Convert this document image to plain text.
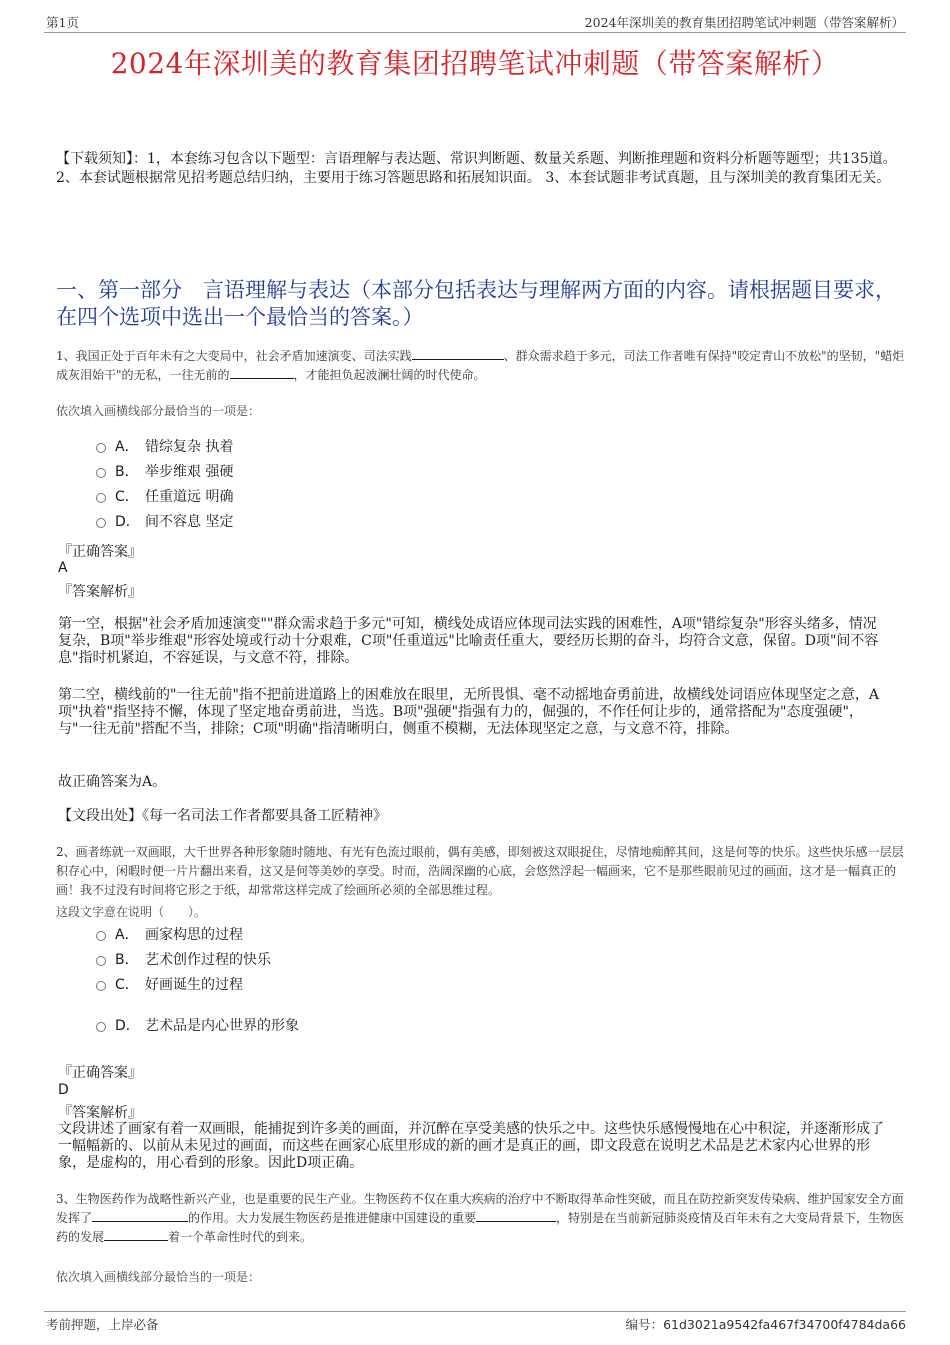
第1页	2024年深圳美的教育集团招聘笔试冲刺题（带答案解析）
2024年深圳美的教育集团招聘笔试冲刺题（带答案解析）
【下载须知】：1，本套练习包含以下题型：言语理解与表达题、常识判断题、数量关系题、判断推理题和资料分析题等题型；共135道。 2、本套试题根据常见招考题总结归纳，主要用于练习答题思路和拓展知识面。 3、本套试题非考试真题，且与深圳美的教育集团无关。
一、第一部分　言语理解与表达（本部分包括表达与理解两方面的内容。请根据题目要求，在四个选项中选出一个最恰当的答案。）
1、我国正处于百年未有之大变局中，社会矛盾加速演变、司法实践	、群众需求趋于多元，司法工作者唯有保持"咬定青山不放松"的坚韧，"蜡炬成灰泪始干"的无私，一往无前的	，才能担负起波澜壮阔的时代使命。
依次填入画横线部分最恰当的一项是：
A． 错综复杂 执着
B． 举步维艰 强硬
C． 任重道远 明确
D． 间不容息 坚定
『正确答案』
A
『答案解析』
第一空，根据"社会矛盾加速演变""群众需求趋于多元"可知，横线处成语应体现司法实践的困难性，A项"错综复杂"形容头绪多，情况复杂，B项"举步维艰"形容处境或行动十分艰难，C项"任重道远"比喻责任重大，要经历长期的奋斗，均符合文意，保留。D项"间不容息"指时机紧迫，不容延误，与文意不符，排除。
第二空，横线前的"一往无前"指不把前进道路上的困难放在眼里，无所畏惧、毫不动摇地奋勇前进，故横线处词语应体现坚定之意，A项"执着"指坚持不懈，体现了坚定地奋勇前进，当选。B项"强硬"指强有力的，倔强的，不作任何让步的，通常搭配为"态度强硬"，与"一往无前"搭配不当，排除；C项"明确"指清晰明白，侧重不模糊，无法体现坚定之意，与文意不符，排除。
故正确答案为A。
【文段出处】《每一名司法工作者都要具备工匠精神》
2、画者练就一双画眼，大千世界各种形象随时随地、有光有色流过眼前，偶有美感，即刻被这双眼捉住，尽情地痴醉其间，这是何等的快乐。这些快乐感一层层积存心中，闲暇时便一片片翻出来看，这又是何等美妙的享受。时而，浩阔深幽的心底，会悠然浮起一幅画来，它不是那些眼前见过的画面，这才是一幅真正的画！我不过没有时间将它形之于纸，却常常这样完成了绘画所必须的全部思维过程。
这段文字意在说明（　　）。
A． 画家构思的过程
B． 艺术创作过程的快乐
C． 好画诞生的过程
D． 艺术品是内心世界的形象
『正确答案』
D
『答案解析』
文段讲述了画家有着一双画眼，能捕捉到许多美的画面，并沉醉在享受美感的快乐之中。这些快乐感慢慢地在心中积淀，并逐渐形成了一幅幅新的、以前从未见过的画面，而这些在画家心底里形成的新的画才是真正的画，即文段意在说明艺术品是艺术家内心世界的形象，是虚构的，用心看到的形象。因此D项正确。
3、生物医药作为战略性新兴产业，也是重要的民生产业。生物医药不仅在重大疾病的治疗中不断取得革命性突破，而且在防控新突发传染病、维护国家安全方面发挥了	的作用。大力发展生物医药是推进健康中国建设的重要	，特别是在当前新冠肺炎疫情及百年未有之大变局背景下，生物医药的发展	着一个革命性时代的到来。
依次填入画横线部分最恰当的一项是：
考前押题，上岸必备	编号：61d3021a9542fa467f34700f4784da66
